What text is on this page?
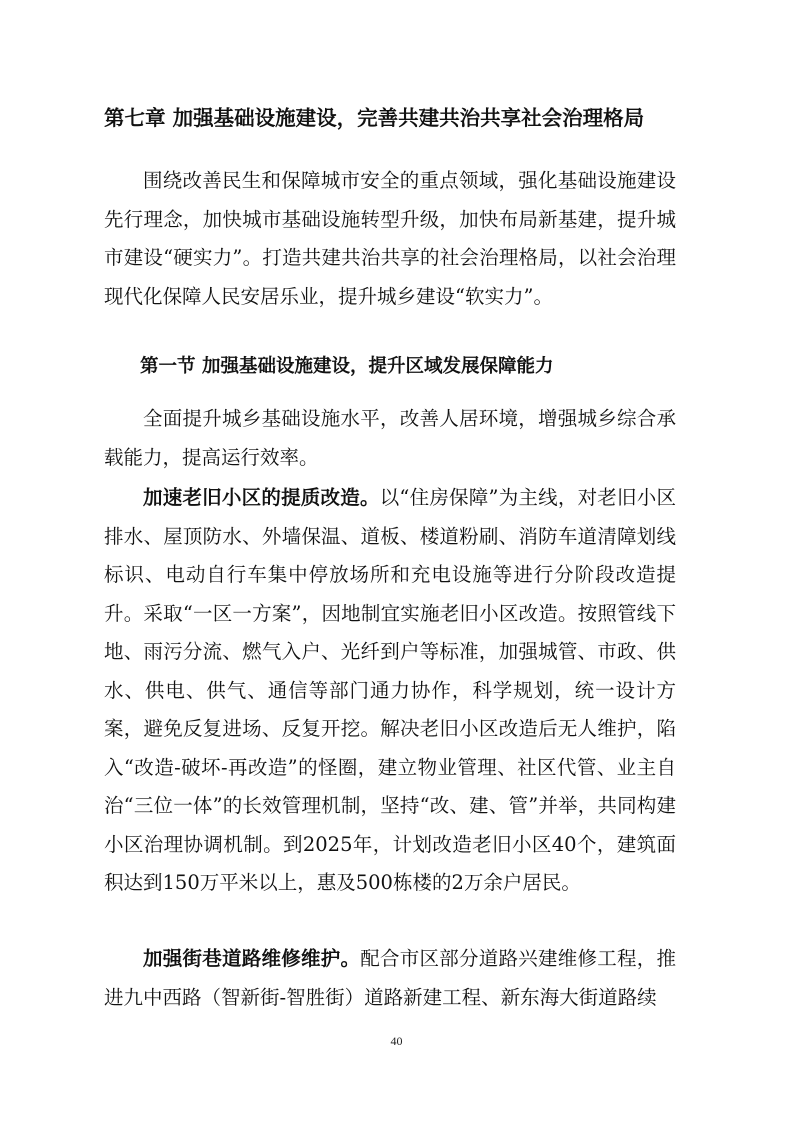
第七章 加强基础设施建设，完善共建共治共享社会治理格局

围绕改善民生和保障城市安全的重点领域，强化基础设施建设先行理念，加快城市基础设施转型升级，加快布局新基建，提升城市建设“硬实力”。打造共建共治共享的社会治理格局，以社会治理现代化保障人民安居乐业，提升城乡建设“软实力”。

第一节 加强基础设施建设，提升区域发展保障能力

全面提升城乡基础设施水平，改善人居环境，增强城乡综合承载能力，提高运行效率。

加速老旧小区的提质改造。以“住房保障”为主线，对老旧小区排水、屋顶防水、外墙保温、道板、楼道粉刷、消防车道清障划线标识、电动自行车集中停放场所和充电设施等进行分阶段改造提升。采取“一区一方案”，因地制宜实施老旧小区改造。按照管线下地、雨污分流、燃气入户、光纤到户等标准，加强城管、市政、供水、供电、供气、通信等部门通力协作，科学规划，统一设计方案，避免反复进场、反复开挖。解决老旧小区改造后无人维护，陷入“改造-破坏-再改造”的怪圈，建立物业管理、社区代管、业主自治“三位一体”的长效管理机制，坚持“改、建、管”并举，共同构建小区治理协调机制。到2025年，计划改造老旧小区40个，建筑面积达到150万平米以上，惠及500栋楼的2万余户居民。

加强街巷道路维修维护。配合市区部分道路兴建维修工程，推进九中西路（智新街-智胜街）道路新建工程、新东海大街道路续

40
